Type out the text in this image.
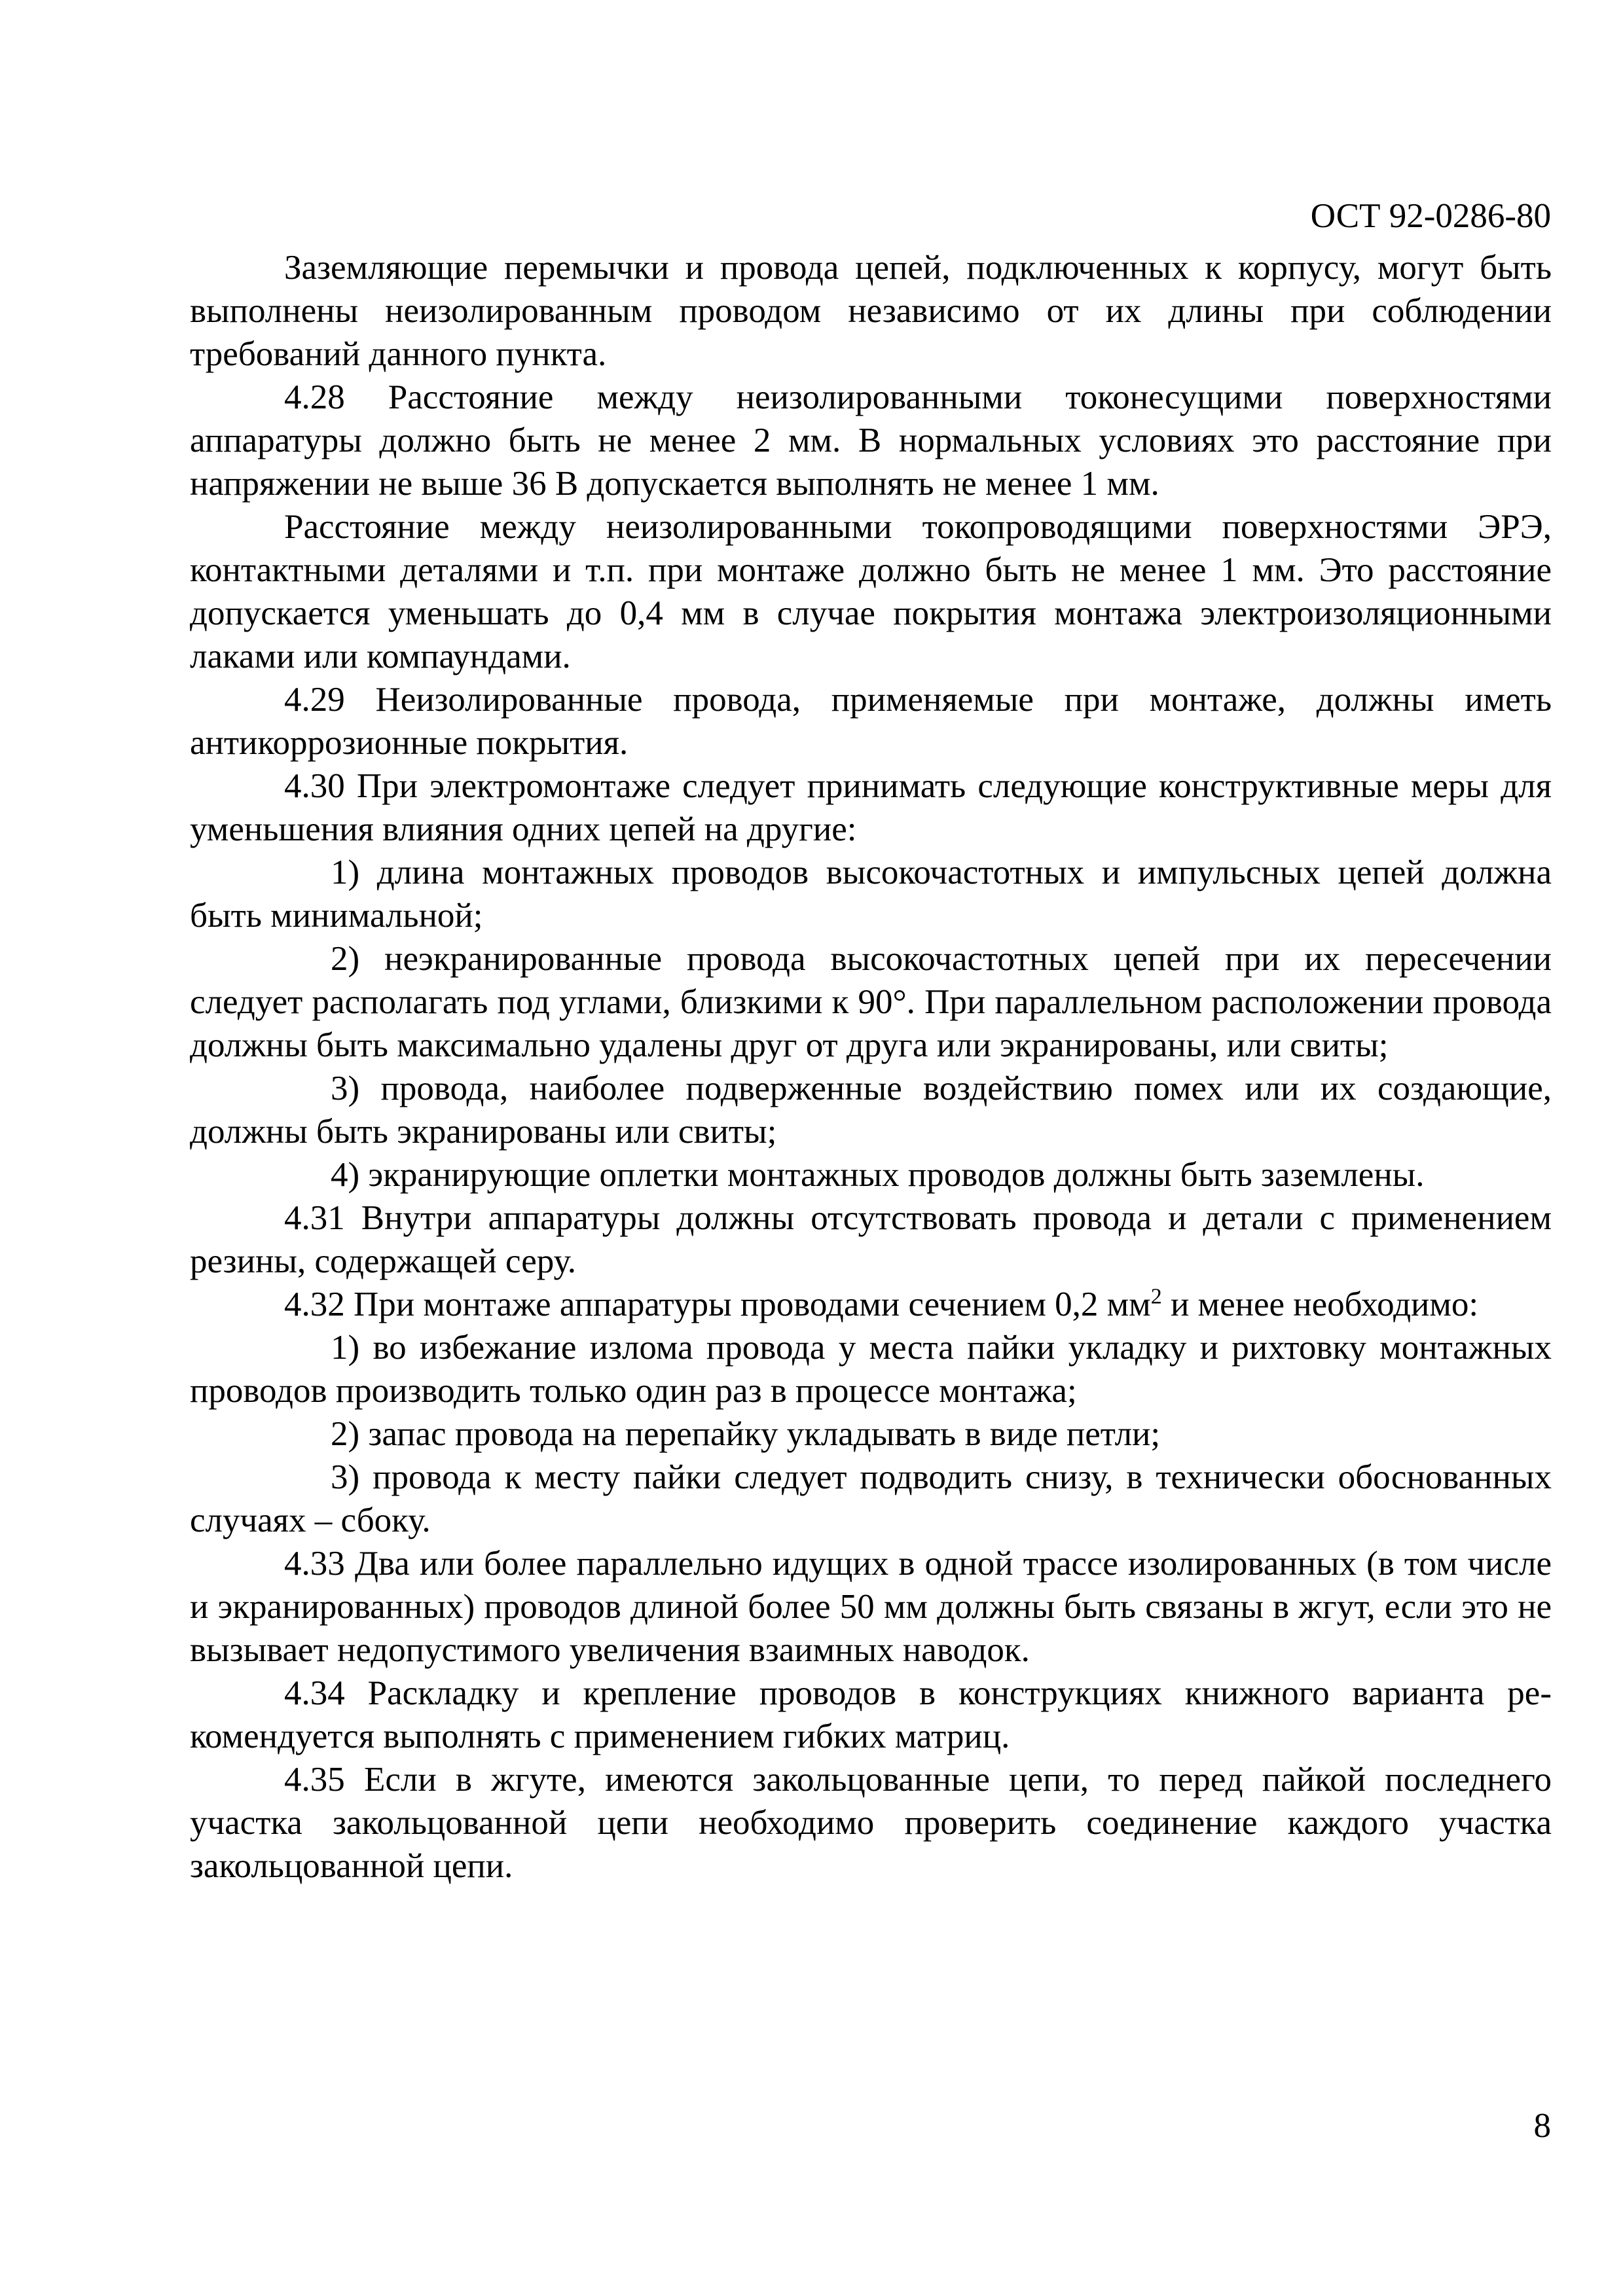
ОСТ 92-0286-80

Заземляющие перемычки и провода цепей, подключенных к корпусу, могут быть выполнены неизолированным проводом независимо от их длины при соблюдении требований данного пункта.

4.28 Расстояние между неизолированными токонесущими поверхностями аппаратуры должно быть не менее 2 мм. В нормальных условиях это расстояние при напряжении не выше 36 В допускается выполнять не менее 1 мм.

Расстояние между неизолированными токопроводящими поверхностями ЭРЭ, контактными деталями и т.п. при монтаже должно быть не менее 1 мм. Это расстояние допускается уменьшать до 0,4 мм в случае покрытия монтажа электроизоляционными лаками или компаундами.

4.29 Неизолированные провода, применяемые при монтаже, должны иметь антикоррозионные покрытия.

4.30 При электромонтаже следует принимать следующие конструктивные меры для уменьшения влияния одних цепей на другие:

1) длина монтажных проводов высокочастотных и импульсных цепей должна быть минимальной;

2) неэкранированные провода высокочастотных цепей при их пересечении следует располагать под углами, близкими к 90°. При параллельном расположении провода должны быть максимально удалены друг от друга или экранированы, или свиты;

3) провода, наиболее подверженные воздействию помех или их создающие, должны быть экранированы или свиты;

4) экранирующие оплетки монтажных проводов должны быть заземлены.

4.31 Внутри аппаратуры должны отсутствовать провода и детали с применением резины, содержащей серу.

4.32 При монтаже аппаратуры проводами сечением 0,2 $мм^2$ и менее необходимо:

1) во избежание излома провода у места пайки укладку и рихтовку монтажных проводов производить только один раз в процессе монтажа;

2) запас провода на перепайку укладывать в виде петли;

3) провода к месту пайки следует подводить снизу, в технически обоснованных случаях – сбоку.

4.33 Два или более параллельно идущих в одной трассе изолированных (в том числе и экранированных) проводов длиной более 50 мм должны быть связаны в жгут, если это не вызывает недопустимого увеличения взаимных наводок.

4.34 Раскладку и крепление проводов в конструкциях книжного варианта рекомендуется выполнять с применением гибких матриц.

4.35 Если в жгуте, имеются закольцованные цепи, то перед пайкой последнего участка закольцованной цепи необходимо проверить соединение каждого участка закольцованной цепи.

8
